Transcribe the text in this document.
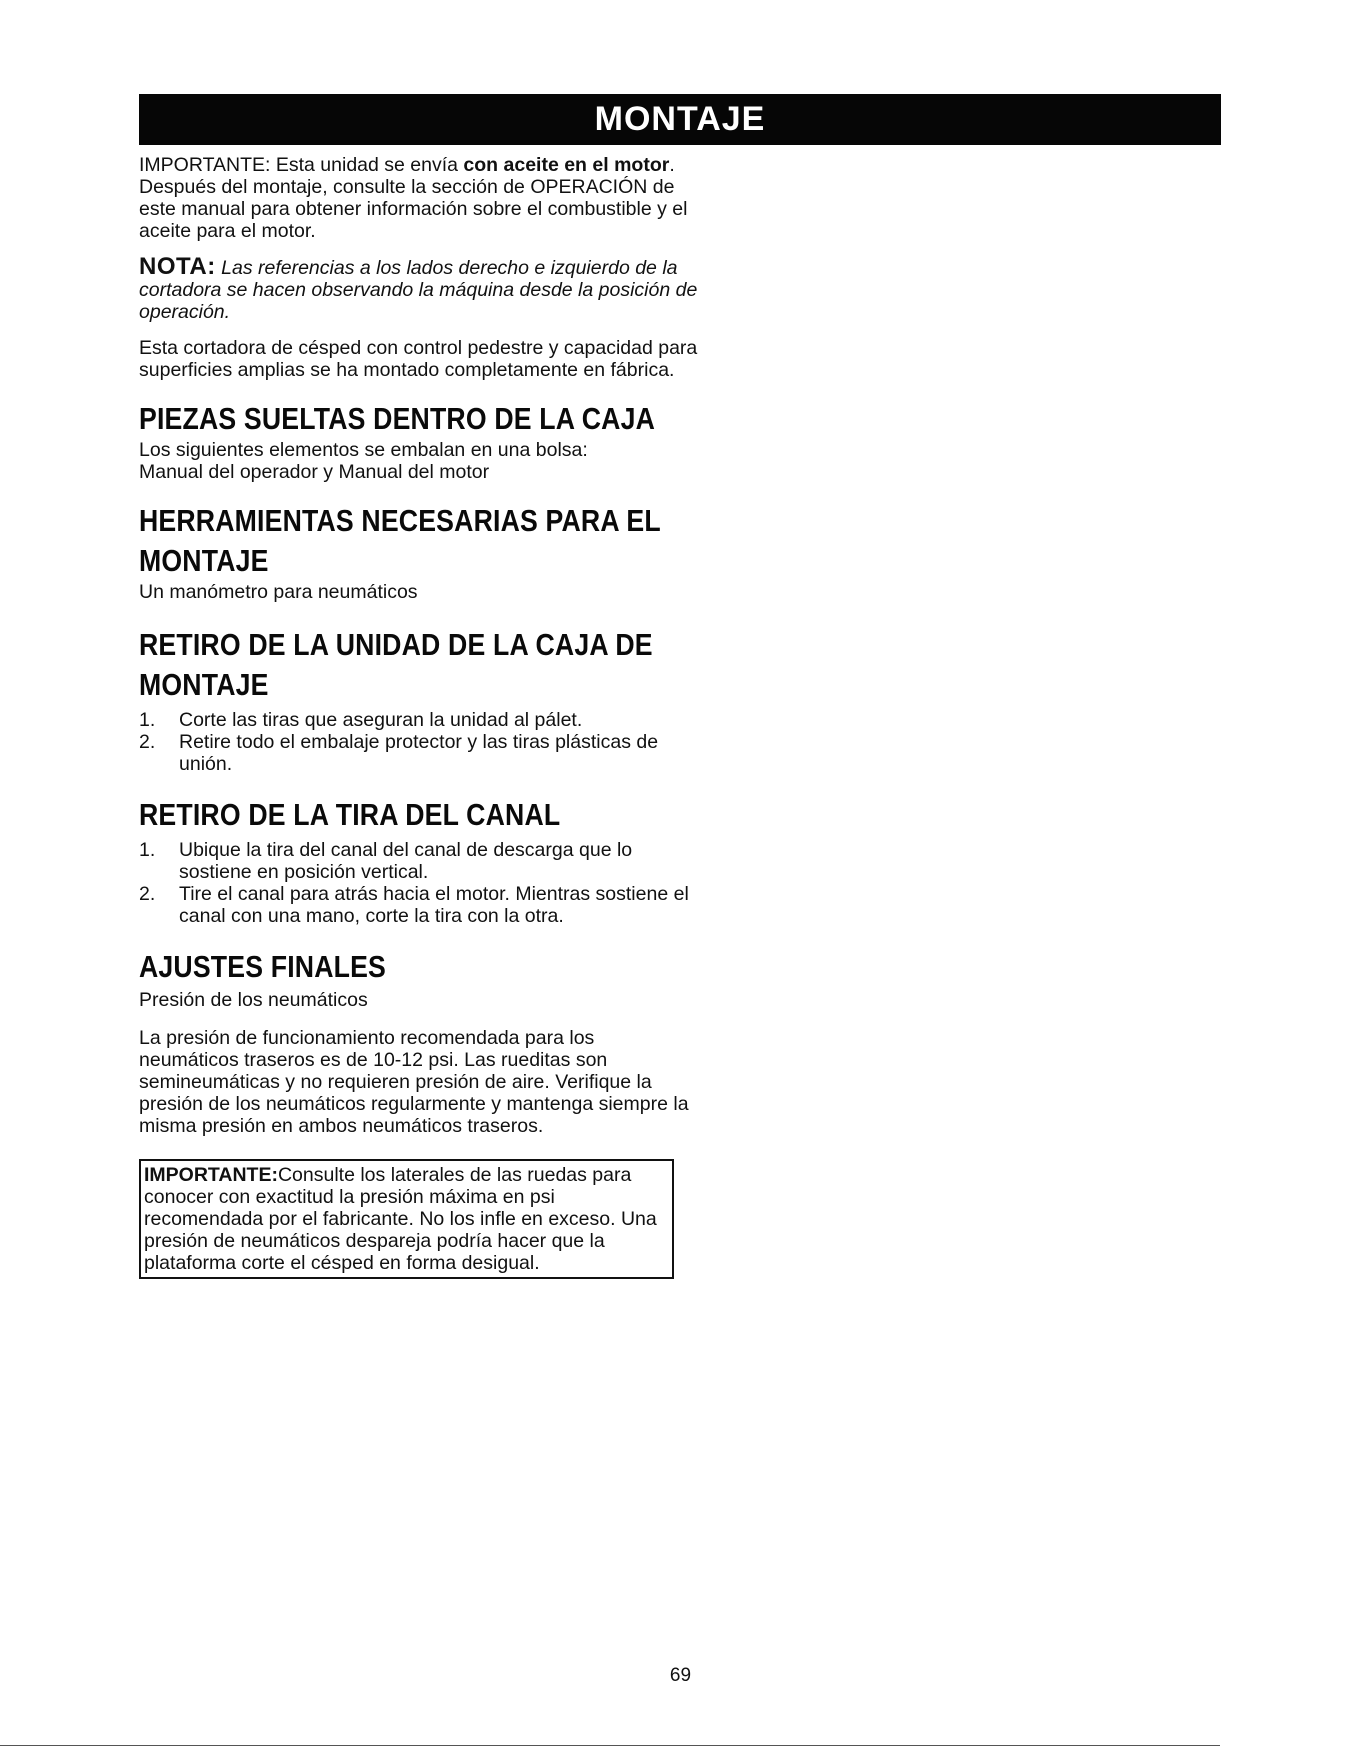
MONTAJE

IMPORTANTE: Esta unidad se envía con aceite en el motor. Después del montaje, consulte la sección de OPERACIÓN de este manual para obtener información sobre el combustible y el aceite para el motor.

NOTA: Las referencias a los lados derecho e izquierdo de la cortadora se hacen observando la máquina desde la posición de operación.

Esta cortadora de césped con control pedestre y capacidad para superficies amplias se ha montado completamente en fábrica.

PIEZAS SUELTAS DENTRO DE LA CAJA

Los siguientes elementos se embalan en una bolsa:

Manual del operador y Manual del motor

HERRAMIENTAS NECESARIAS PARA EL
MONTAJE

Un manómetro para neumáticos

RETIRO DE LA UNIDAD DE LA CAJA DE
MONTAJE
1. Corte las tiras que aseguran la unidad al pálet.
2. Retire todo el embalaje protector y las tiras plásticas de unión.
RETIRO DE LA TIRA DEL CANAL
1. Ubique la tira del canal del canal de descarga que lo sostiene en posición vertical.
2. Tire el canal para atrás hacia el motor. Mientras sostiene el canal con una mano, corte la tira con la otra.
AJUSTES FINALES

Presión de los neumáticos

La presión de funcionamiento recomendada para los neumáticos traseros es de 10-12 psi. Las rueditas son semineumáticas y no requieren presión de aire. Verifique la presión de los neumáticos regularmente y mantenga siempre la misma presión en ambos neumáticos traseros.

IMPORTANTE:Consulte los laterales de las ruedas para conocer con exactitud la presión máxima en psi recomendada por el fabricante. No los infle en exceso. Una presión de neumáticos despareja podría hacer que la plataforma corte el césped en forma desigual.
69
